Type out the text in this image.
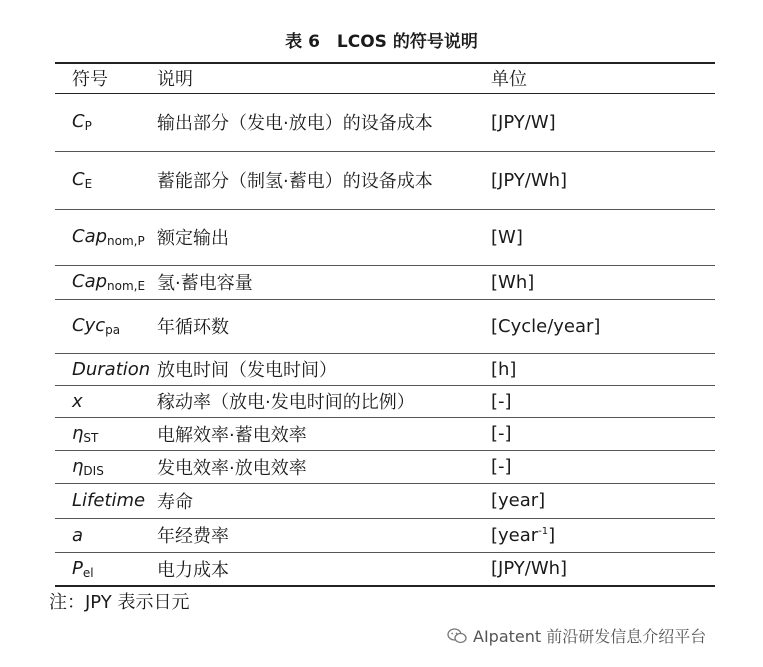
表 6　LCOS 的符号说明
符号	说明	单位
CP	输出部分（发电·放电）的设备成本	[JPY/W]
CE	蓄能部分（制氢·蓄电）的设备成本	[JPY/Wh]
Capnom,P	额定输出	[W]
Capnom,E	氢·蓄电容量	[Wh]
Cycpa	年循环数	[Cycle/year]
Duration	放电时间（发电时间）	[h]
x	稼动率（放电·发电时间的比例）	[-]
ηST	电解效率·蓄电效率	[-]
ηDIS	发电效率·放电效率	[-]
Lifetime	寿命	[year]
a	年经费率	[year$^{-1}$]
Pel	电力成本	[JPY/Wh]
注：JPY 表示日元
AIpatent 前沿研发信息介绍平台
